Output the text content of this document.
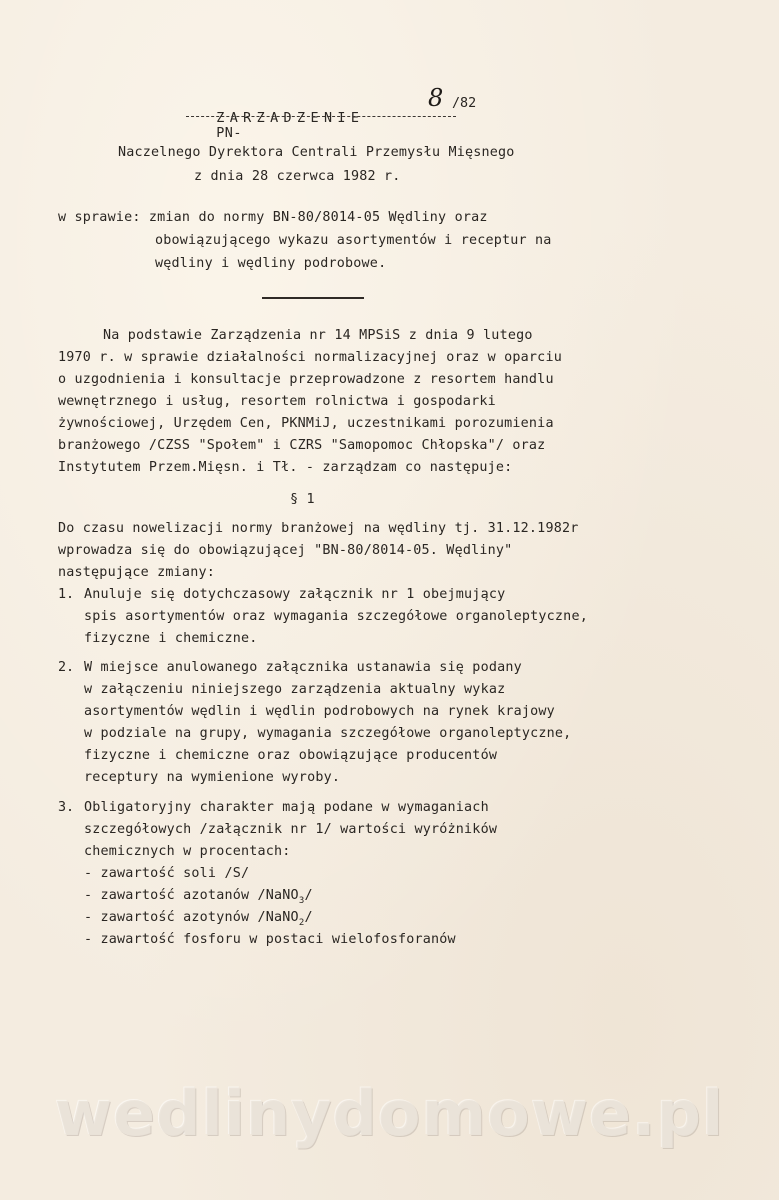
ZARZADZENIE
PN-

8

/82

Naczelnego Dyrektora Centrali Przemysłu Mięsnego
z dnia 28 czerwca 1982 r.
w sprawie: zmian do normy BN-80/8014-05 Wędliny oraz
obowiązującego wykazu asortymentów i receptur na
wędliny i wędliny podrobowe.
Na podstawie Zarządzenia nr 14 MPSiS z dnia 9 lutego
1970 r. w sprawie działalności normalizacyjnej oraz w oparciu
o uzgodnienia i konsultacje przeprowadzone z resortem handlu
wewnętrznego i usług, resortem rolnictwa i gospodarki
żywnościowej, Urzędem Cen, PKNMiJ, uczestnikami porozumienia
branżowego /CZSS "Społem" i CZRS "Samopomoc Chłopska"/ oraz
Instytutem Przem.Mięsn. i Tł. - zarządzam co następuje:
§ 1
Do czasu nowelizacji normy branżowej na wędliny tj. 31.12.1982r
wprowadza się do obowiązującej "BN-80/8014-05. Wędliny"
następujące zmiany:
1. Anuluje się dotychczasowy załącznik nr 1 obejmujący
spis asortymentów oraz wymagania szczegółowe organoleptyczne,
fizyczne i chemiczne.
2. W miejsce anulowanego załącznika ustanawia się podany
w załączeniu niniejszego zarządzenia aktualny wykaz
asortymentów wędlin i wędlin podrobowych na rynek krajowy
w podziale na grupy, wymagania szczegółowe organoleptyczne,
fizyczne i chemiczne oraz obowiązujące producentów
receptury na wymienione wyroby.
3. Obligatoryjny charakter mają podane w wymaganiach
szczegółowych /załącznik nr 1/ wartości wyróżników
chemicznych w procentach:
- zawartość soli /S/
- zawartość azotanów /NaNO$_3$/
- zawartość azotynów /NaNO$_2$/
- zawartość fosforu w postaci wielofosforanów
wedlinydomowe.pl
